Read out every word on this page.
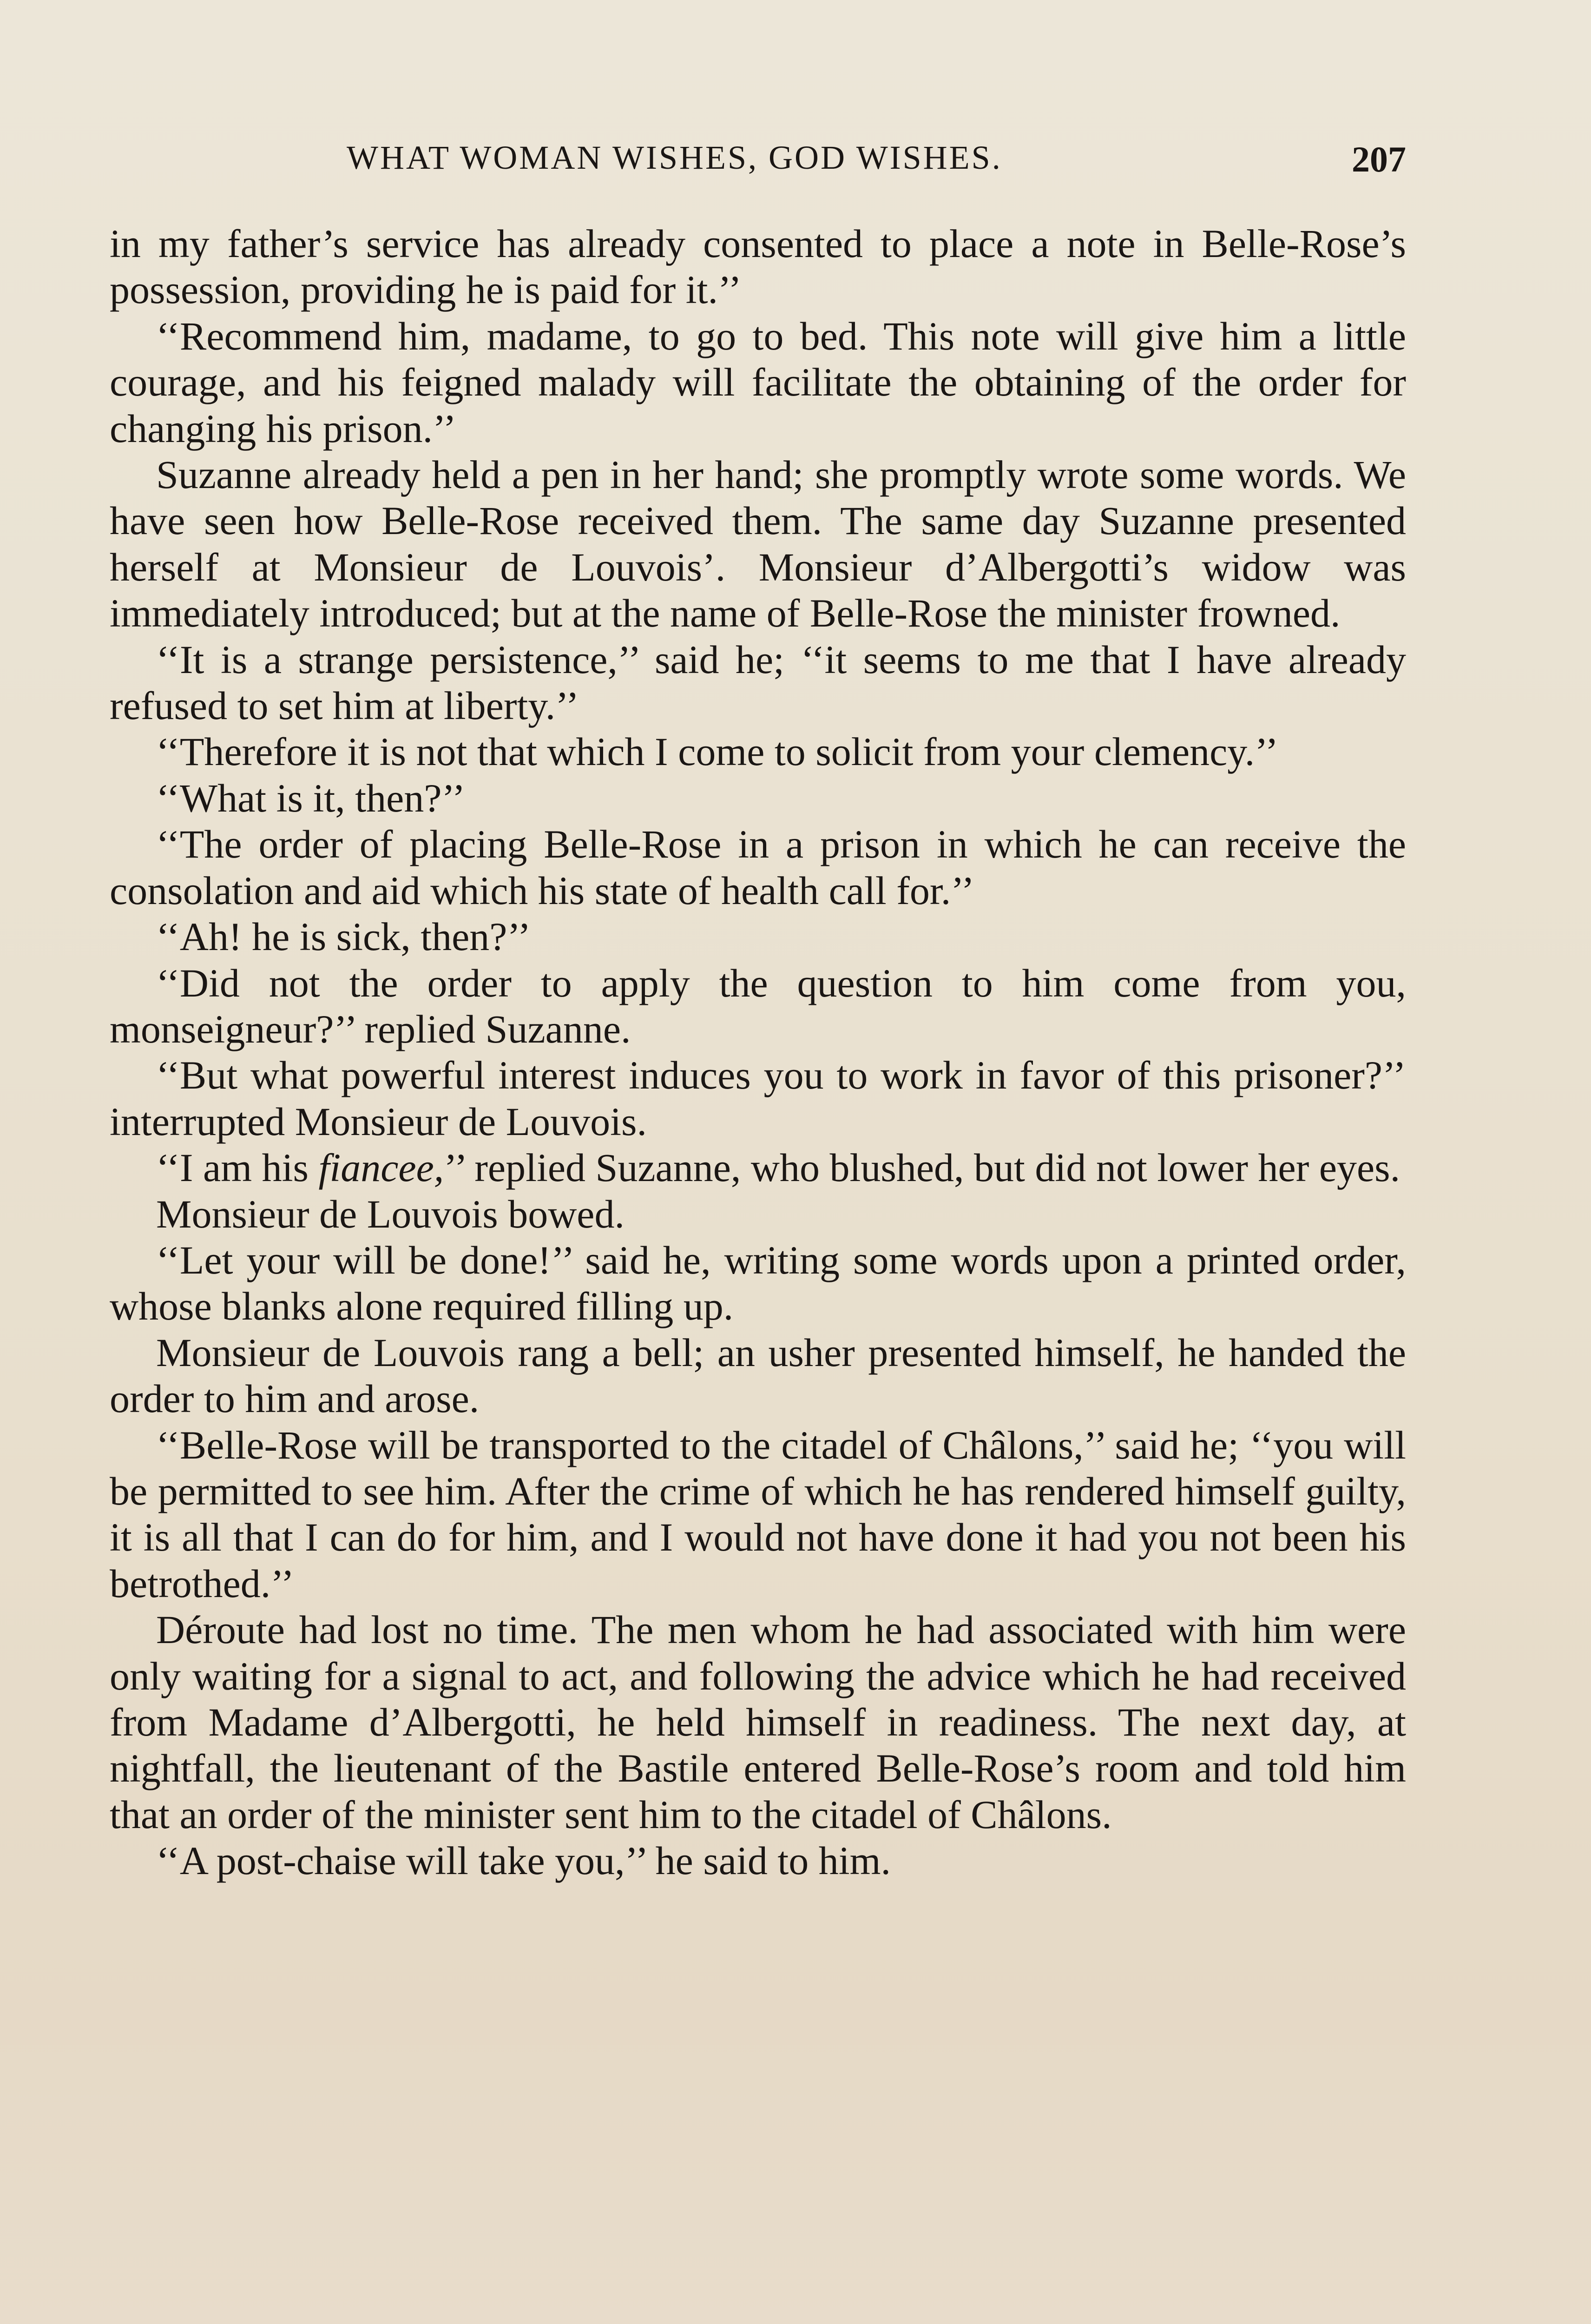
WHAT WOMAN WISHES, GOD WISHES.	207

in my father’s service has already consented to place a note in Belle-Rose’s possession, providing he is paid for it.’’

‘‘Recommend him, madame, to go to bed. This note will give him a little courage, and his feigned malady will facilitate the obtaining of the order for changing his prison.’’

Suzanne already held a pen in her hand; she promptly wrote some words. We have seen how Belle-Rose received them. The same day Suzanne presented herself at Monsieur de Louvois’. Monsieur d’Albergotti’s widow was immediately introduced; but at the name of Belle-Rose the minister frowned.

‘‘It is a strange persistence,’’ said he; ‘‘it seems to me that I have already refused to set him at liberty.’’

‘‘Therefore it is not that which I come to solicit from your clemency.’’

‘‘What is it, then?’’

‘‘The order of placing Belle-Rose in a prison in which he can receive the consolation and aid which his state of health call for.’’

‘‘Ah! he is sick, then?’’

‘‘Did not the order to apply the question to him come from you, monseigneur?’’ replied Suzanne.

‘‘But what powerful interest induces you to work in favor of this prisoner?’’ interrupted Monsieur de Louvois.

‘‘I am his fiancee,’’ replied Suzanne, who blushed, but did not lower her eyes.

Monsieur de Louvois bowed.

‘‘Let your will be done!’’ said he, writing some words upon a printed order, whose blanks alone required filling up.

Monsieur de Louvois rang a bell; an usher presented himself, he handed the order to him and arose.

‘‘Belle-Rose will be transported to the citadel of Châlons,’’ said he; ‘‘you will be permitted to see him. After the crime of which he has rendered himself guilty, it is all that I can do for him, and I would not have done it had you not been his betrothed.’’

Déroute had lost no time. The men whom he had associated with him were only waiting for a signal to act, and following the advice which he had received from Madame d’Albergotti, he held himself in readiness. The next day, at nightfall, the lieutenant of the Bastile entered Belle-Rose’s room and told him that an order of the minister sent him to the citadel of Châlons.

‘‘A post-chaise will take you,’’ he said to him.
